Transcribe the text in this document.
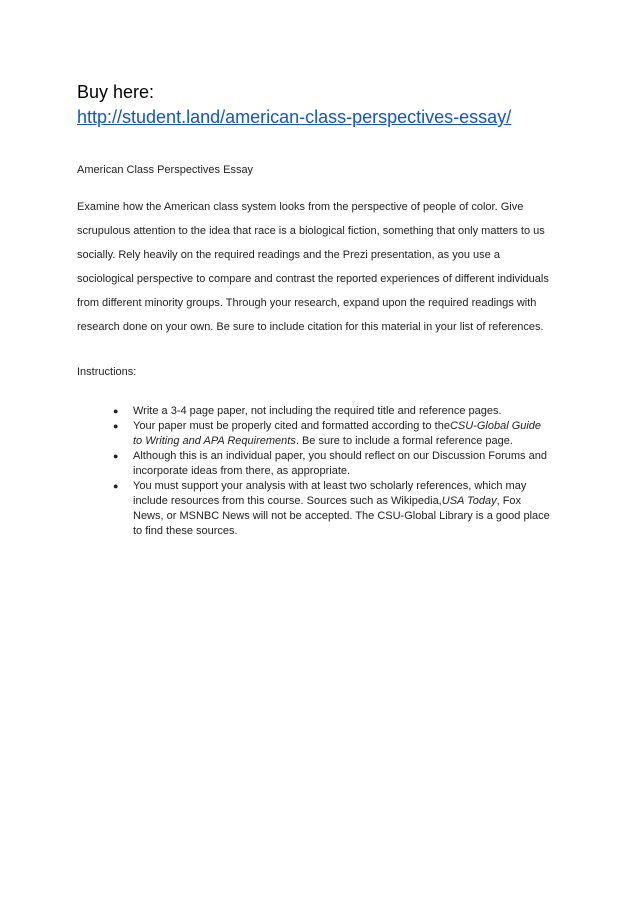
Buy here:
http://student.land/american-class-perspectives-essay/
American Class Perspectives Essay
Examine how the American class system looks from the perspective of people of color. Give
scrupulous attention to the idea that race is a biological fiction, something that only matters to us
socially. Rely heavily on the required readings and the Prezi presentation, as you use a
sociological perspective to compare and contrast the reported experiences of different individuals
from different minority groups. Through your research, expand upon the required readings with
research done on your own. Be sure to include citation for this material in your list of references.
Instructions:
● Write a 3-4 page paper, not including the required title and reference pages.
● Your paper must be properly cited and formatted according to theCSU-Global Guide
to Writing and APA Requirements. Be sure to include a formal reference page.
● Although this is an individual paper, you should reflect on our Discussion Forums and
incorporate ideas from there, as appropriate.
● You must support your analysis with at least two scholarly references, which may
include resources from this course. Sources such as Wikipedia,USA Today, Fox
News, or MSNBC News will not be accepted. The CSU-Global Library is a good place
to find these sources.
